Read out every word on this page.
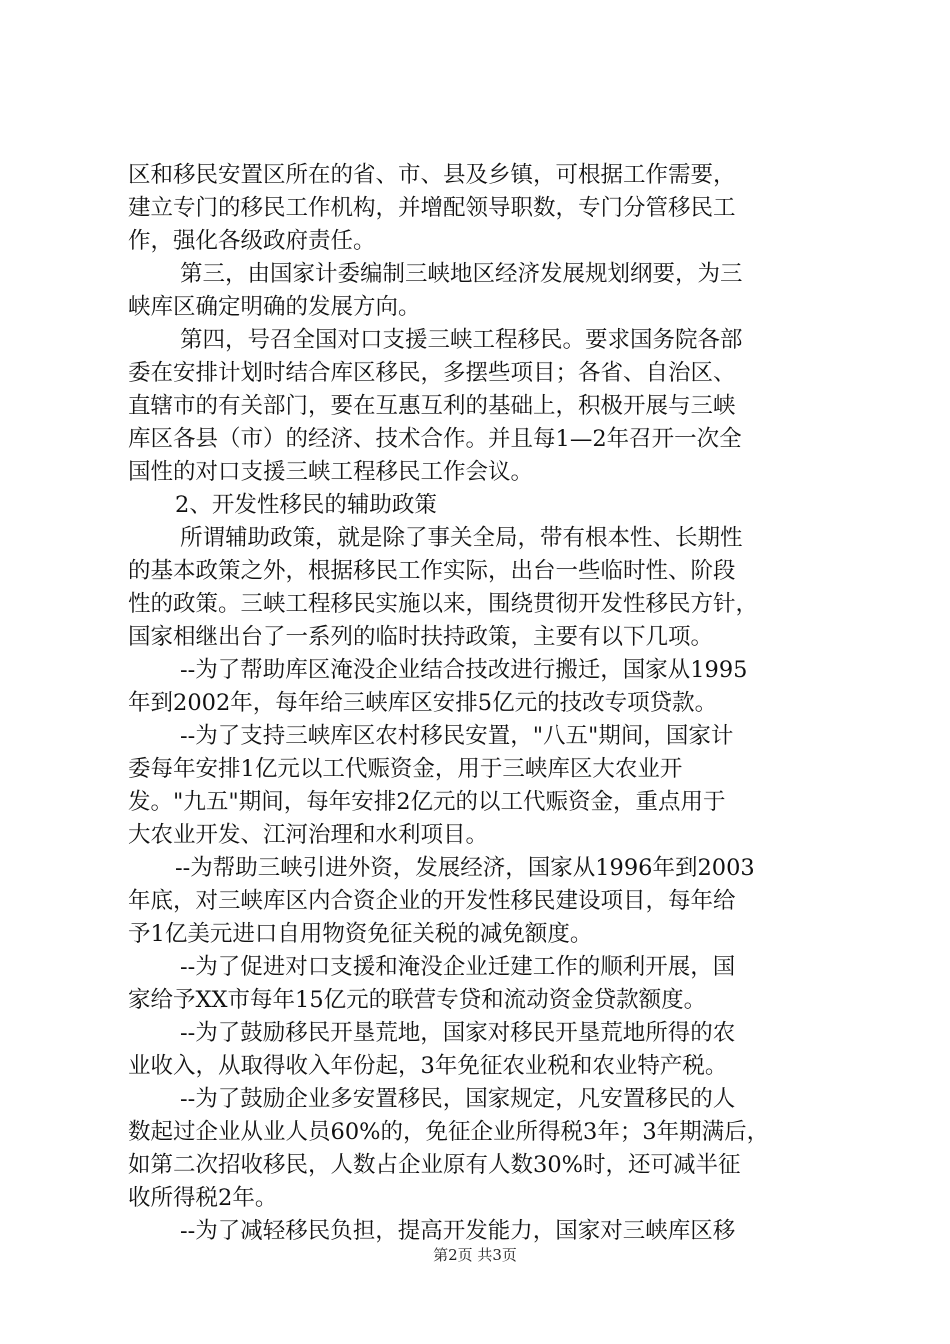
区和移民安置区所在的省、市、县及乡镇，可根据工作需要，
建立专门的移民工作机构，并增配领导职数，专门分管移民工
作，强化各级政府责任。
第三，由国家计委编制三峡地区经济发展规划纲要，为三
峡库区确定明确的发展方向。
第四，号召全国对口支援三峡工程移民。要求国务院各部
委在安排计划时结合库区移民，多摆些项目；各省、自治区、
直辖市的有关部门，要在互惠互利的基础上，积极开展与三峡
库区各县（市）的经济、技术合作。并且每1—2年召开一次全
国性的对口支援三峡工程移民工作会议。
2、开发性移民的辅助政策
所谓辅助政策，就是除了事关全局，带有根本性、长期性
的基本政策之外，根据移民工作实际，出台一些临时性、阶段
性的政策。三峡工程移民实施以来，围绕贯彻开发性移民方针，
国家相继出台了一系列的临时扶持政策，主要有以下几项。
--为了帮助库区淹没企业结合技改进行搬迁，国家从1995
年到2002年，每年给三峡库区安排5亿元的技改专项贷款。
--为了支持三峡库区农村移民安置，"八五"期间，国家计
委每年安排1亿元以工代赈资金，用于三峡库区大农业开
发。"九五"期间，每年安排2亿元的以工代赈资金，重点用于
大农业开发、江河治理和水利项目。
--为帮助三峡引进外资，发展经济，国家从1996年到2003
年底，对三峡库区内合资企业的开发性移民建设项目，每年给
予1亿美元进口自用物资免征关税的减免额度。
--为了促进对口支援和淹没企业迁建工作的顺利开展，国
家给予XX市每年15亿元的联营专贷和流动资金贷款额度。
--为了鼓励移民开垦荒地，国家对移民开垦荒地所得的农
业收入，从取得收入年份起，3年免征农业税和农业特产税。
--为了鼓励企业多安置移民，国家规定，凡安置移民的人
数起过企业从业人员60%的，免征企业所得税3年；3年期满后，
如第二次招收移民，人数占企业原有人数30%时，还可减半征
收所得税2年。
--为了减轻移民负担，提高开发能力，国家对三峡库区移
第2页 共3页
